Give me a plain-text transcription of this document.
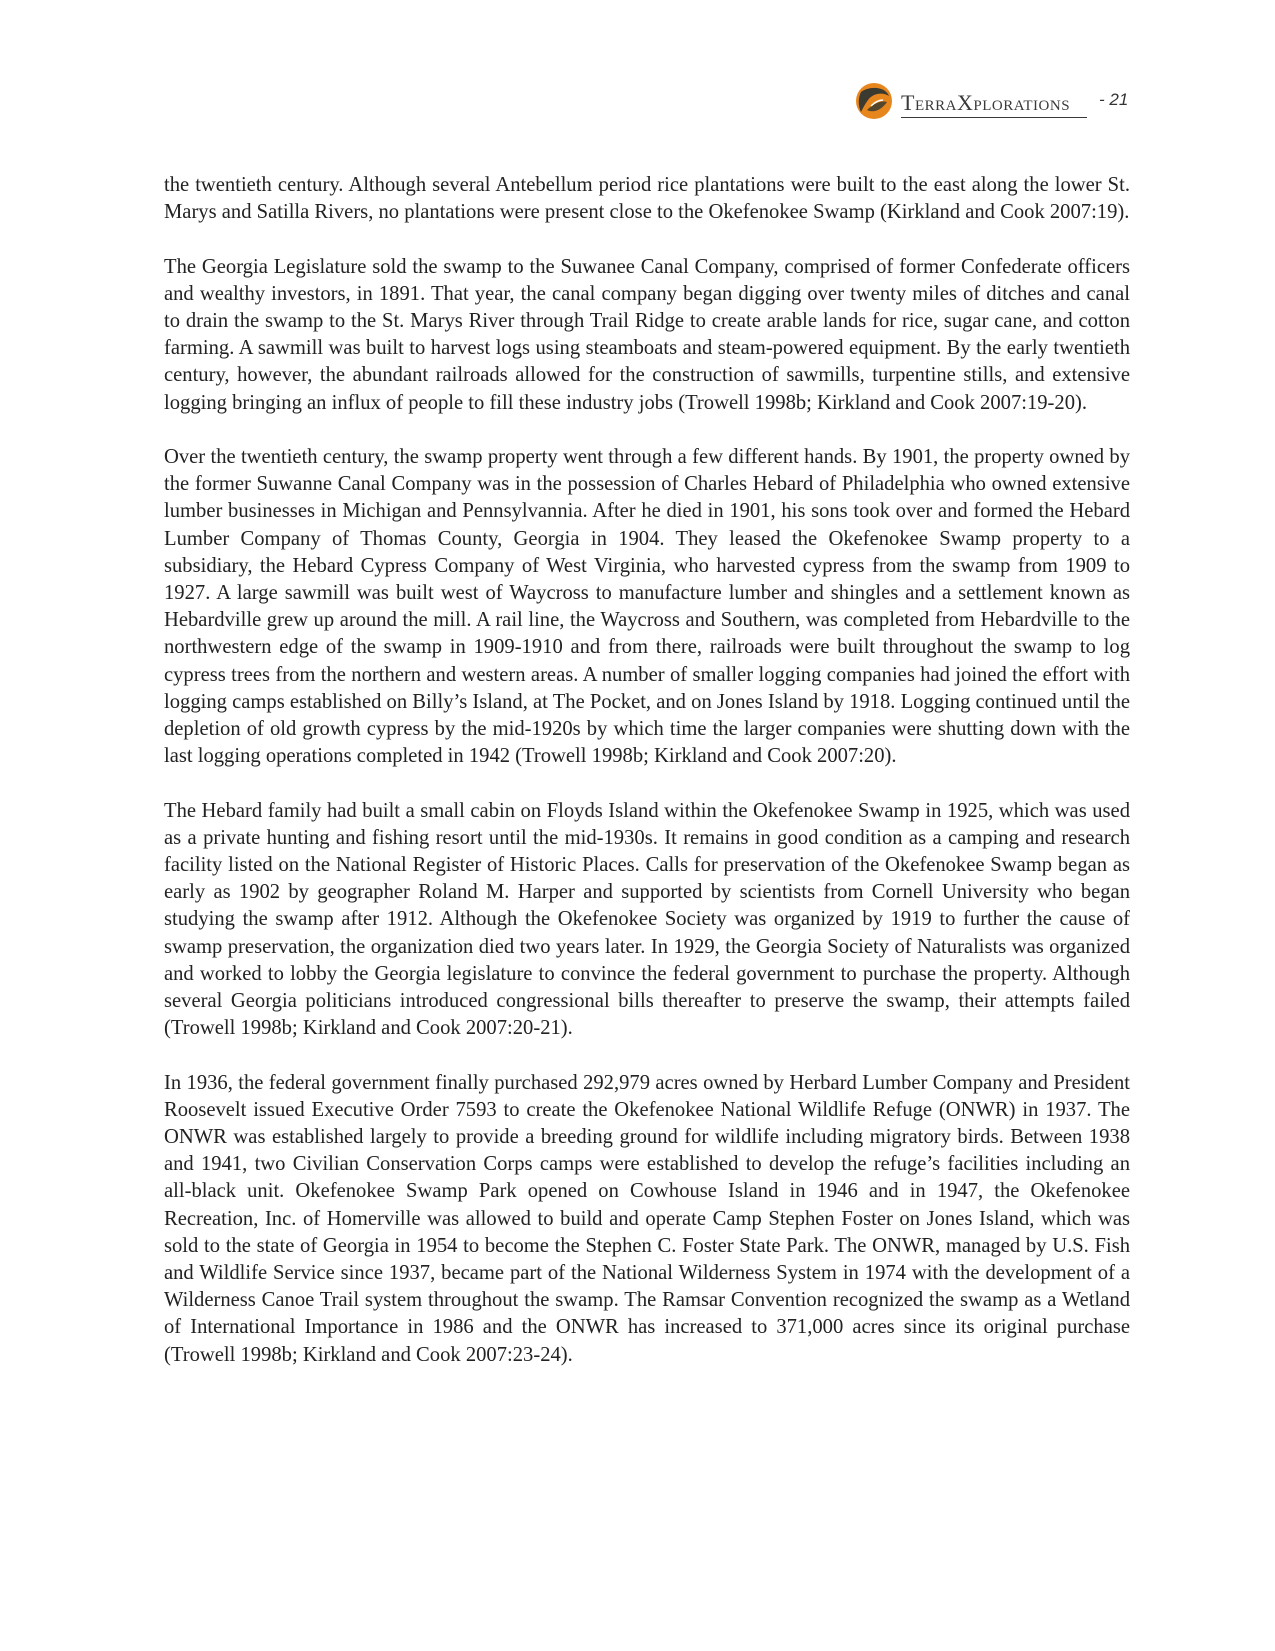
TERRAXPLORATIONS - 21

the twentieth century. Although several Antebellum period rice plantations were built to the east along the lower St. Marys and Satilla Rivers, no plantations were present close to the Okefenokee Swamp (Kirkland and Cook 2007:19).

The Georgia Legislature sold the swamp to the Suwanee Canal Company, comprised of former Confederate officers and wealthy investors, in 1891. That year, the canal company began digging over twenty miles of ditches and canal to drain the swamp to the St. Marys River through Trail Ridge to create arable lands for rice, sugar cane, and cotton farming. A sawmill was built to harvest logs using steamboats and steam-powered equipment. By the early twentieth century, however, the abundant railroads allowed for the construction of sawmills, turpentine stills, and extensive logging bringing an influx of people to fill these industry jobs (Trowell 1998b; Kirkland and Cook 2007:19-20).

Over the twentieth century, the swamp property went through a few different hands. By 1901, the property owned by the former Suwanne Canal Company was in the possession of Charles Hebard of Philadelphia who owned extensive lumber businesses in Michigan and Pennsylvannia. After he died in 1901, his sons took over and formed the Hebard Lumber Company of Thomas County, Georgia in 1904. They leased the Okefenokee Swamp property to a subsidiary, the Hebard Cypress Company of West Virginia, who harvested cypress from the swamp from 1909 to 1927. A large sawmill was built west of Waycross to manufacture lumber and shingles and a settlement known as Hebardville grew up around the mill. A rail line, the Waycross and Southern, was completed from Hebardville to the northwestern edge of the swamp in 1909-1910 and from there, railroads were built throughout the swamp to log cypress trees from the northern and western areas. A number of smaller logging companies had joined the effort with logging camps established on Billy’s Island, at The Pocket, and on Jones Island by 1918. Logging continued until the depletion of old growth cypress by the mid-1920s by which time the larger companies were shutting down with the last logging operations completed in 1942 (Trowell 1998b; Kirkland and Cook 2007:20).

The Hebard family had built a small cabin on Floyds Island within the Okefenokee Swamp in 1925, which was used as a private hunting and fishing resort until the mid-1930s. It remains in good condition as a camping and research facility listed on the National Register of Historic Places. Calls for preservation of the Okefenokee Swamp began as early as 1902 by geographer Roland M. Harper and supported by scientists from Cornell University who began studying the swamp after 1912. Although the Okefenokee Society was organized by 1919 to further the cause of swamp preservation, the organization died two years later. In 1929, the Georgia Society of Naturalists was organized and worked to lobby the Georgia legislature to convince the federal government to purchase the property. Although several Georgia politicians introduced congressional bills thereafter to preserve the swamp, their attempts failed (Trowell 1998b; Kirkland and Cook 2007:20-21).

In 1936, the federal government finally purchased 292,979 acres owned by Herbard Lumber Company and President Roosevelt issued Executive Order 7593 to create the Okefenokee National Wildlife Refuge (ONWR) in 1937. The ONWR was established largely to provide a breeding ground for wildlife including migratory birds. Between 1938 and 1941, two Civilian Conservation Corps camps were established to develop the refuge’s facilities including an all-black unit. Okefenokee Swamp Park opened on Cowhouse Island in 1946 and in 1947, the Okefenokee Recreation, Inc. of Homerville was allowed to build and operate Camp Stephen Foster on Jones Island, which was sold to the state of Georgia in 1954 to become the Stephen C. Foster State Park. The ONWR, managed by U.S. Fish and Wildlife Service since 1937, became part of the National Wilderness System in 1974 with the development of a Wilderness Canoe Trail system throughout the swamp. The Ramsar Convention recognized the swamp as a Wetland of International Importance in 1986 and the ONWR has increased to 371,000 acres since its original purchase (Trowell 1998b; Kirkland and Cook 2007:23-24).
